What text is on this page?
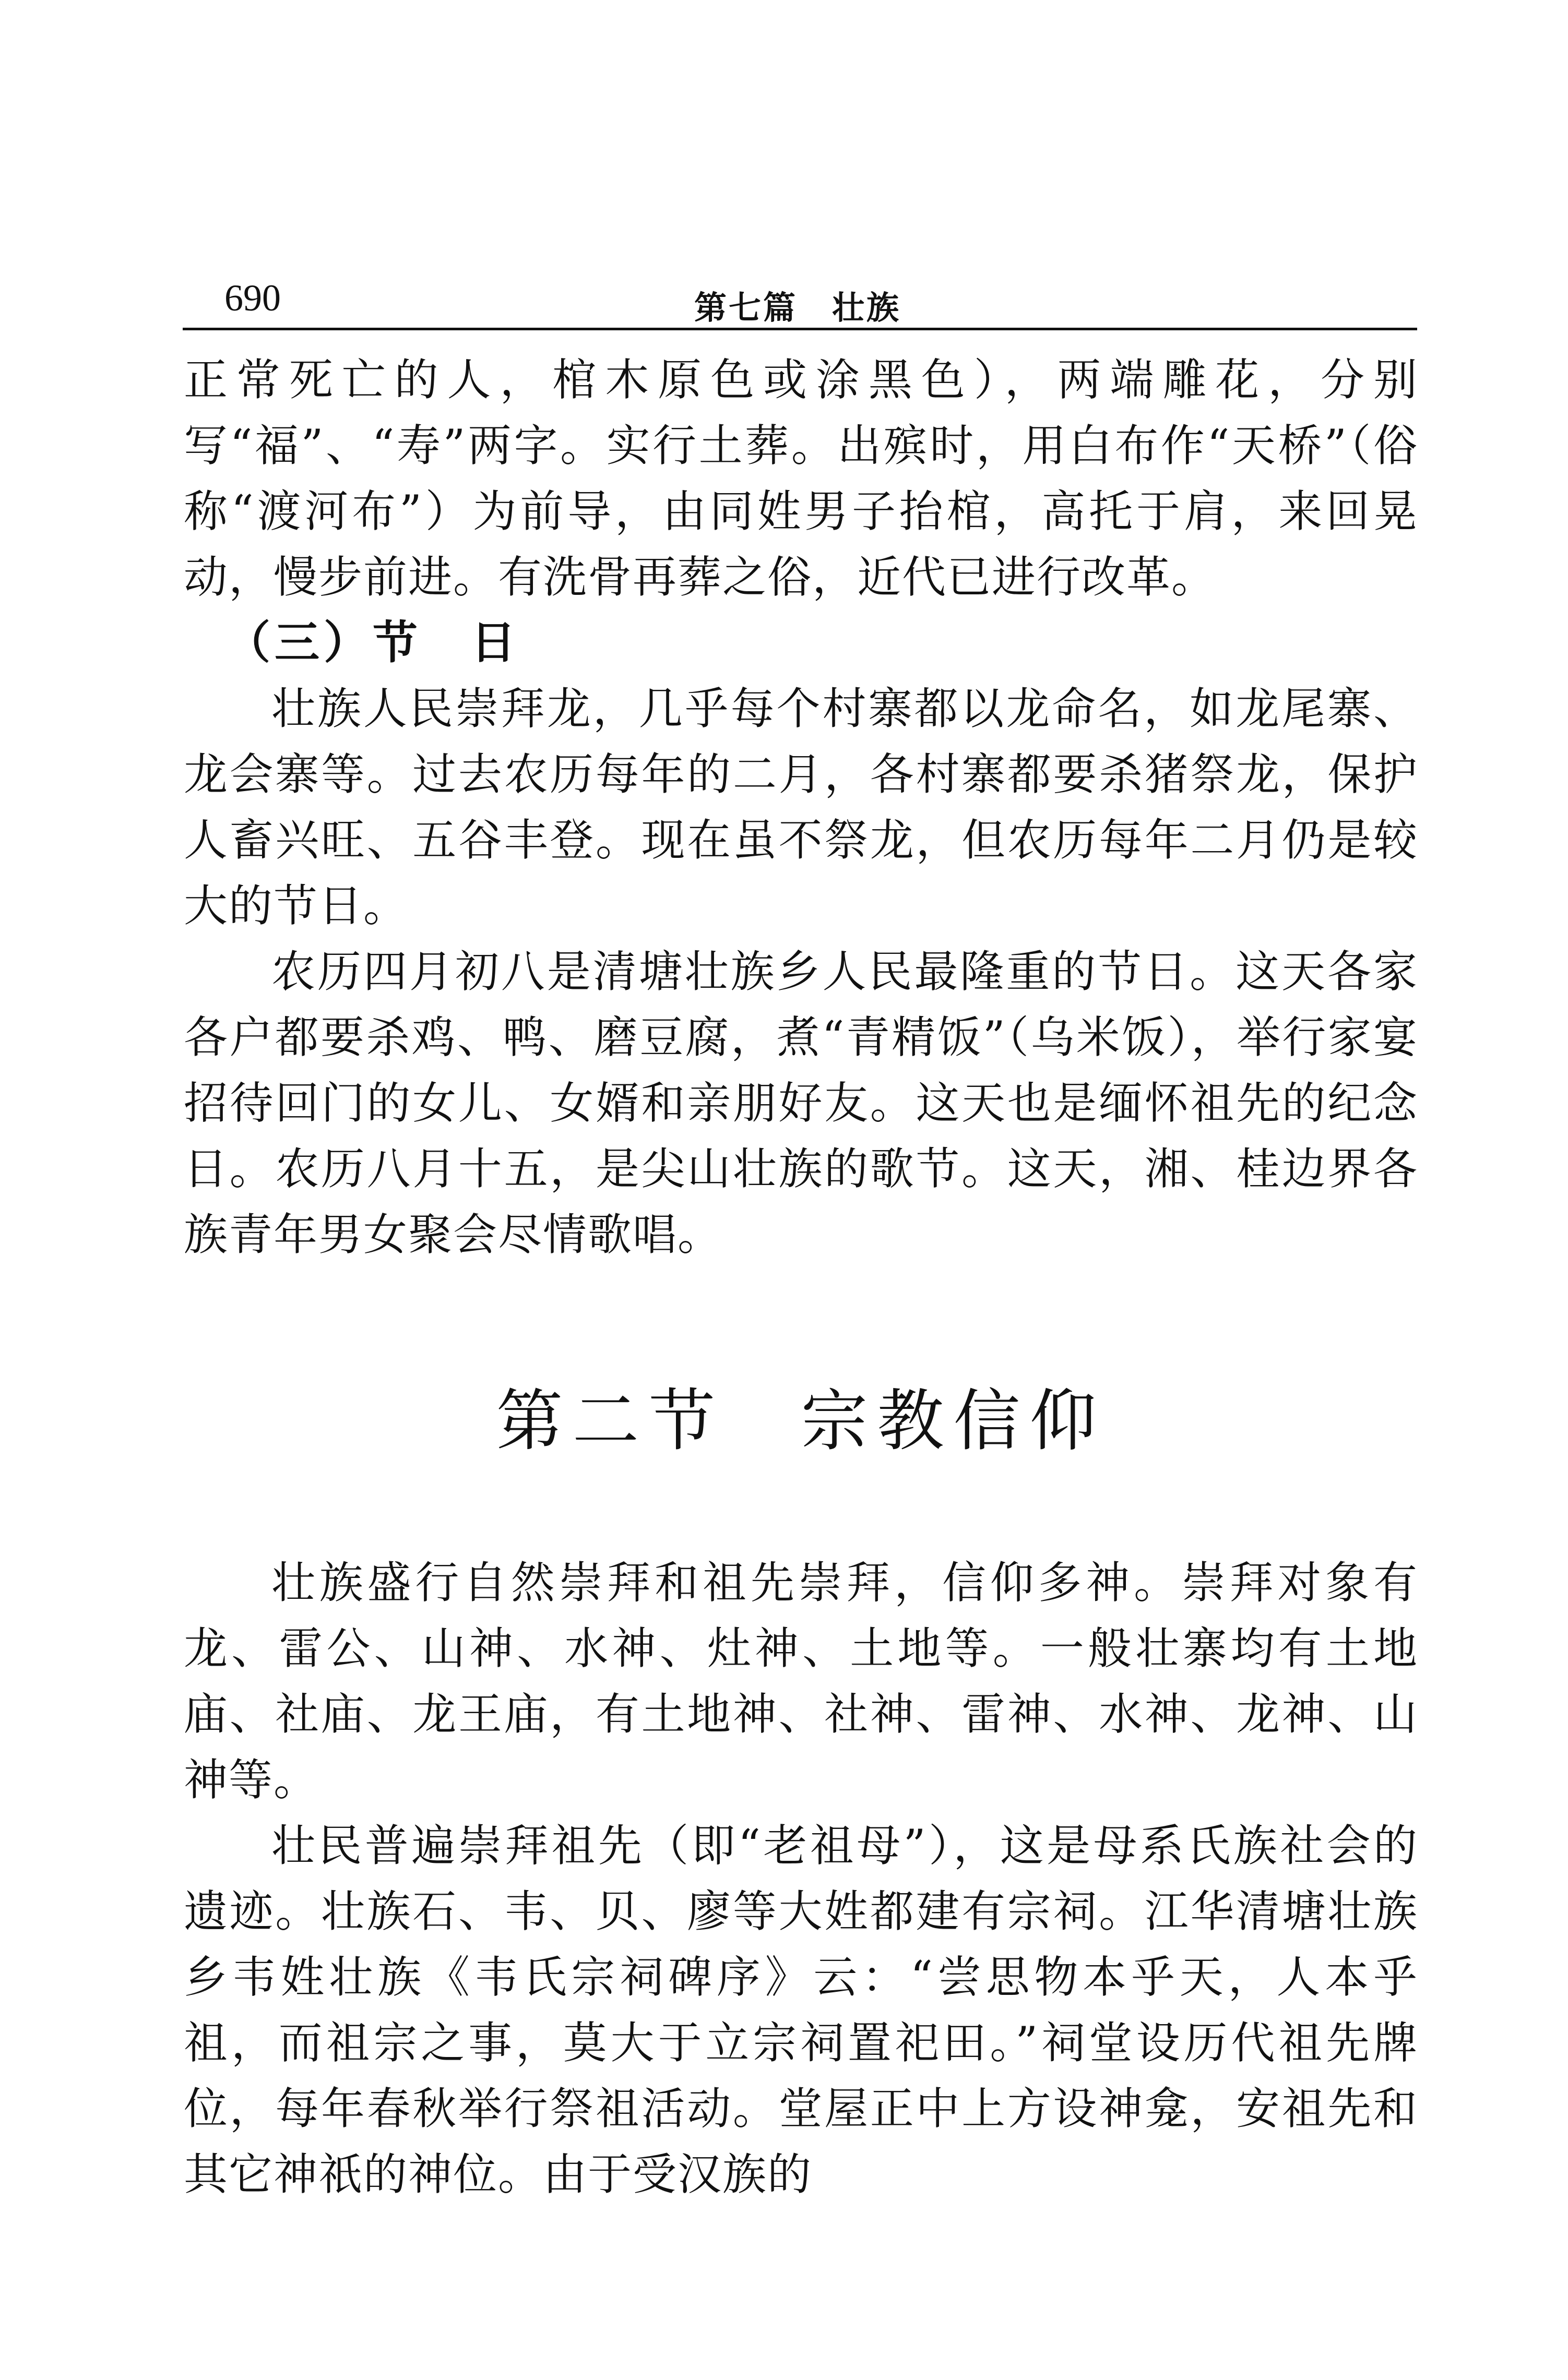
690	第七篇　壮族

正常死亡的人，棺木原色或涂黑色），两端雕花，分别写“福”、“寿”两字。实行土葬。出殡时，用白布作“天桥”（俗称“渡河布”）为前导，由同姓男子抬棺，高托于肩，来回晃动，慢步前进。有洗骨再葬之俗，近代已进行改革。

（三）节　日

壮族人民崇拜龙，几乎每个村寨都以龙命名，如龙尾寨、龙会寨等。过去农历每年的二月，各村寨都要杀猪祭龙，保护人畜兴旺、五谷丰登。现在虽不祭龙，但农历每年二月仍是较大的节日。

农历四月初八是清塘壮族乡人民最隆重的节日。这天各家各户都要杀鸡、鸭、磨豆腐，煮“青精饭”（乌米饭），举行家宴招待回门的女儿、女婿和亲朋好友。这天也是缅怀祖先的纪念日。农历八月十五，是尖山壮族的歌节。这天，湘、桂边界各族青年男女聚会尽情歌唱。

第二节　宗教信仰

壮族盛行自然崇拜和祖先崇拜，信仰多神。崇拜对象有龙、雷公、山神、水神、灶神、土地等。一般壮寨均有土地庙、社庙、龙王庙，有土地神、社神、雷神、水神、龙神、山神等。

壮民普遍崇拜祖先（即“老祖母”），这是母系氏族社会的遗迹。壮族石、韦、贝、廖等大姓都建有宗祠。江华清塘壮族乡韦姓壮族《韦氏宗祠碑序》云：“尝思物本乎天，人本乎祖，而祖宗之事，莫大于立宗祠置祀田。”祠堂设历代祖先牌位，每年春秋举行祭祖活动。堂屋正中上方设神龛，安祖先和其它神祇的神位。由于受汉族的
